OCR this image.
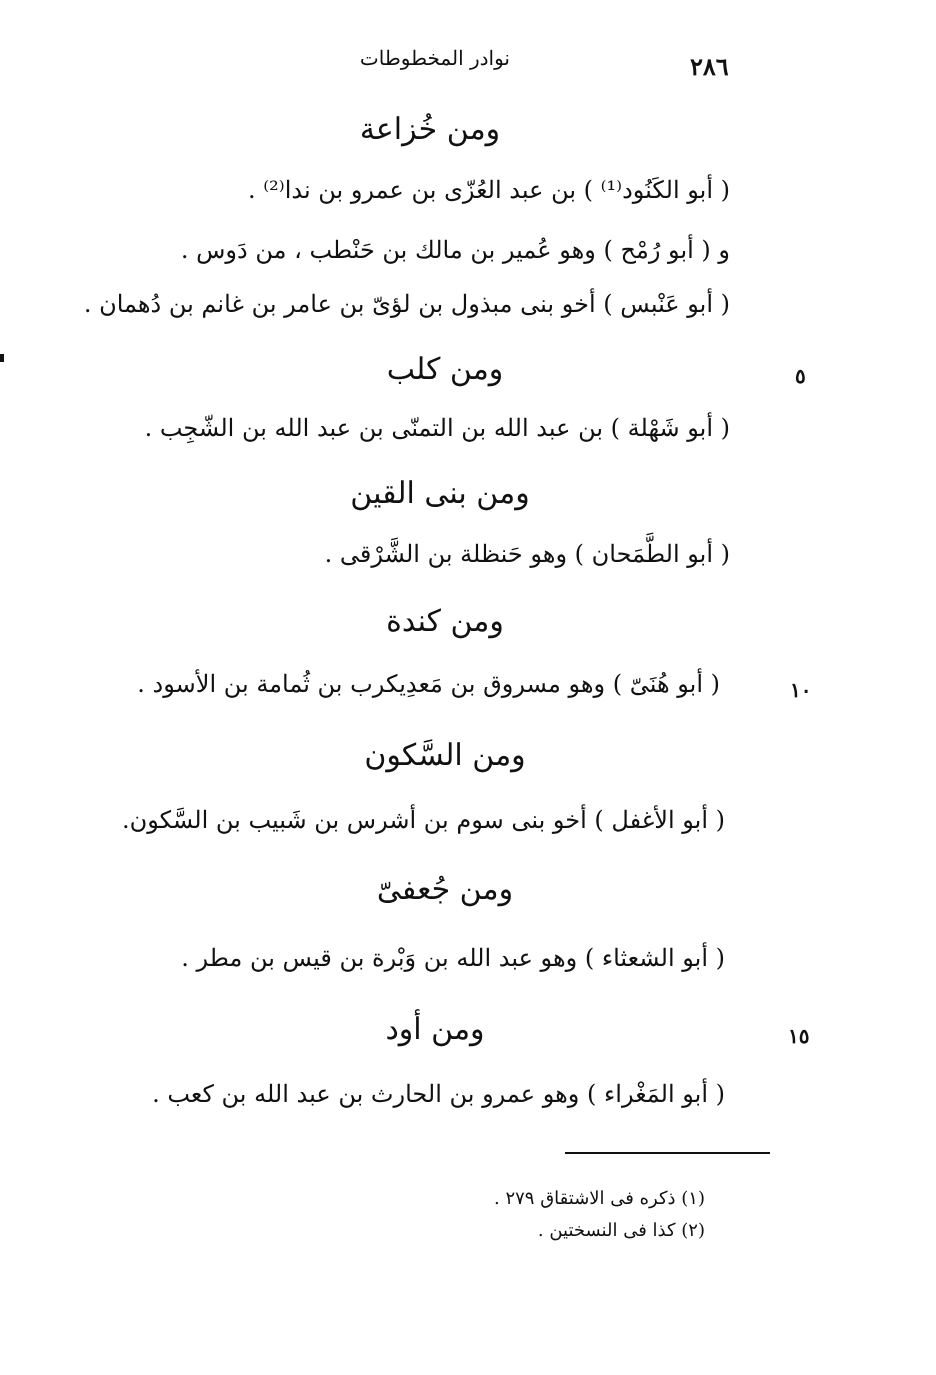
نوادر المخطوطات	٢٨٦
ومن خُزاعة
( أبو الكَنُود⁽¹⁾ ) بن عبد العُزّى بن عمرو بن ندا⁽²⁾ .
و ( أبو رُمْح ) وهو عُمير بن مالك بن حَنْطب ، من دَوس .
( أبو عَنْبس ) أخو بنى مبذول بن لؤىّ بن عامر بن غانم بن دُهمان .
ومن كلب	٥
( أبو شَهْلة ) بن عبد الله بن التمنّى بن عبد الله بن الشّجِب .
ومن بنى القين
( أبو الطَّمَحان ) وهو حَنظلة بن الشَّرْقى .
ومن كندة
( أبو هُنَىّ ) وهو مسروق بن مَعدِيكرب بن ثُمامة بن الأسود .	١٠
ومن السَّكون
( أبو الأغفل ) أخو بنى سوم بن أشرس بن شَبيب بن السَّكون.
ومن جُعفىّ
( أبو الشعثاء ) وهو عبد الله بن وَبْرة بن قيس بن مطر .
ومن أود	١٥
( أبو المَغْراء ) وهو عمرو بن الحارث بن عبد الله بن كعب .
(١) ذكره فى الاشتقاق ٢٧٩ .
(٢) كذا فى النسختين .
